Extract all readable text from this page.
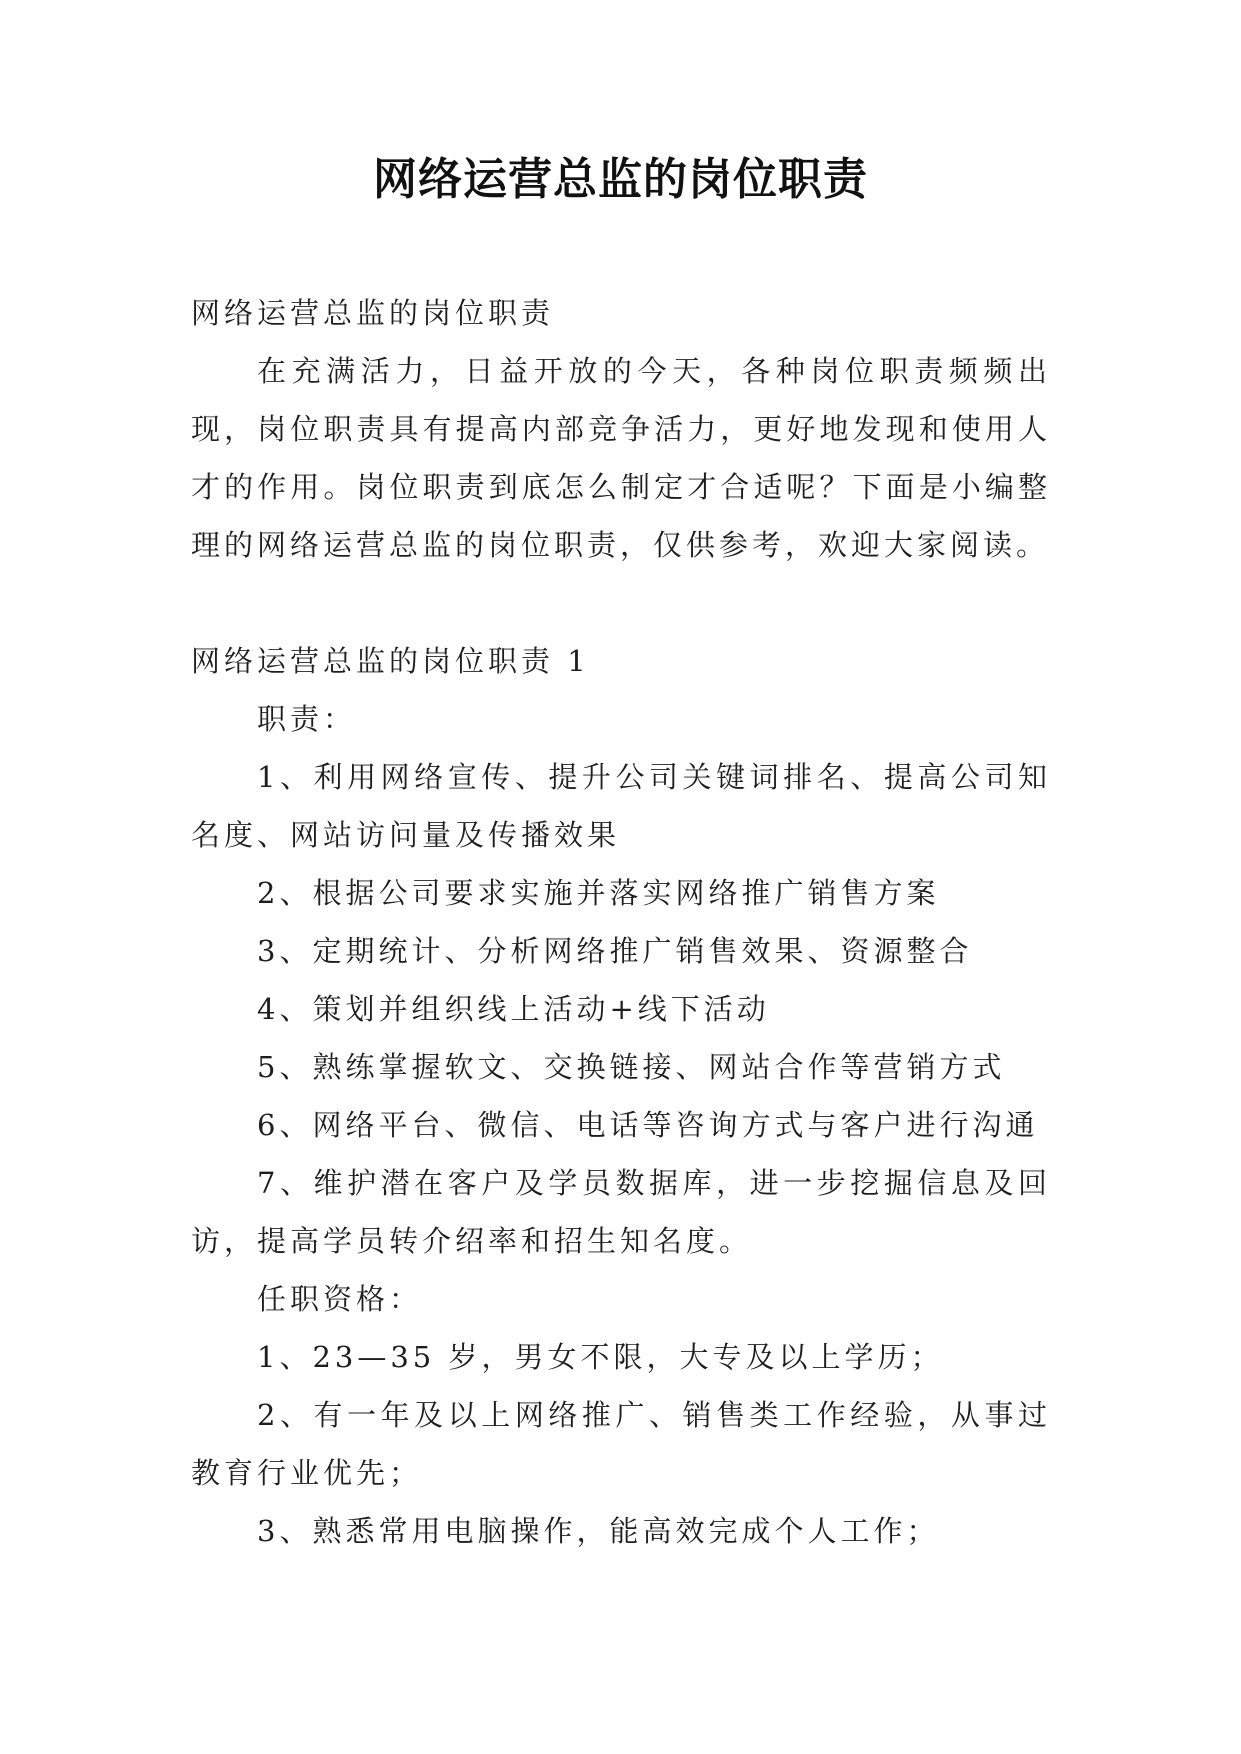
网络运营总监的岗位职责

网络运营总监的岗位职责

在充满活力，日益开放的今天，各种岗位职责频频出现，岗位职责具有提高内部竞争活力，更好地发现和使用人才的作用。岗位职责到底怎么制定才合适呢？下面是小编整理的网络运营总监的岗位职责，仅供参考，欢迎大家阅读。

网络运营总监的岗位职责 1

职责：

1、利用网络宣传、提升公司关键词排名、提高公司知名度、网站访问量及传播效果

2、根据公司要求实施并落实网络推广销售方案

3、定期统计、分析网络推广销售效果、资源整合

4、策划并组织线上活动+线下活动

5、熟练掌握软文、交换链接、网站合作等营销方式

6、网络平台、微信、电话等咨询方式与客户进行沟通

7、维护潜在客户及学员数据库，进一步挖掘信息及回访，提高学员转介绍率和招生知名度。

任职资格：

1、23—35 岁，男女不限，大专及以上学历；

2、有一年及以上网络推广、销售类工作经验，从事过教育行业优先；

3、熟悉常用电脑操作，能高效完成个人工作；
